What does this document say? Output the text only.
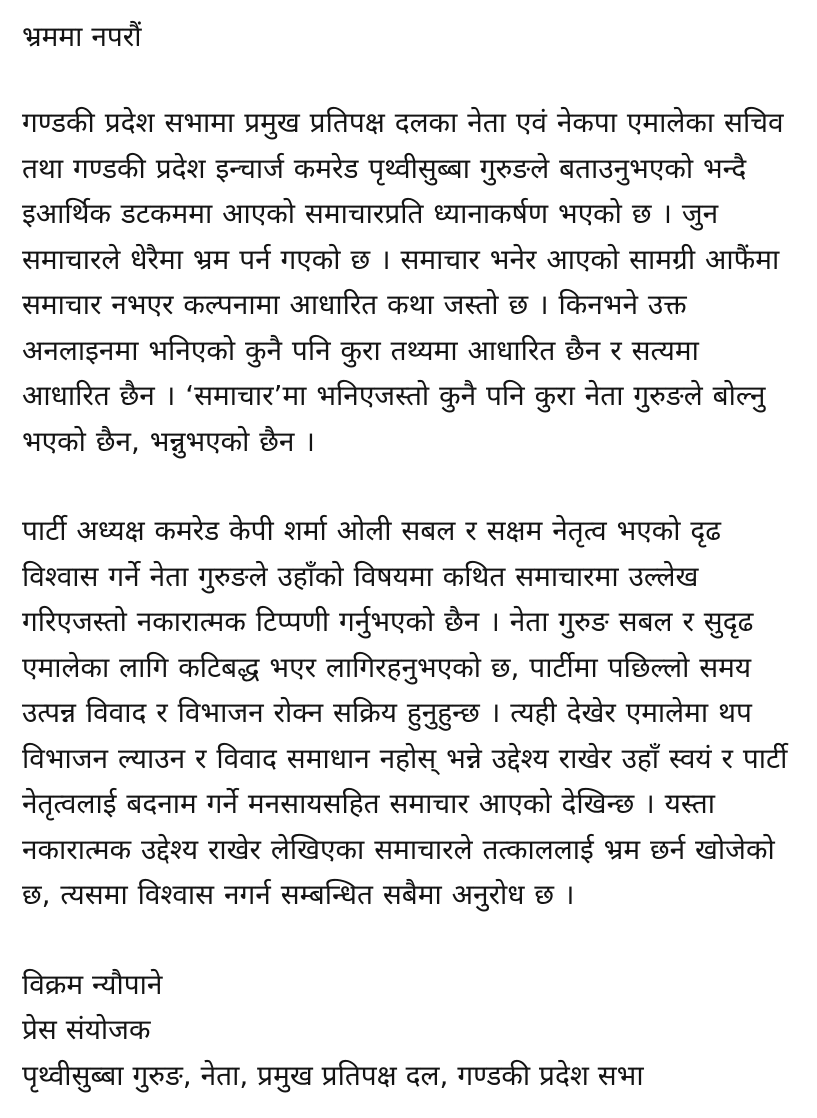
भ्रममा नपरौं

गण्डकी प्रदेश सभामा प्रमुख प्रतिपक्ष दलका नेता एवं नेकपा एमालेका सचिव तथा गण्डकी प्रदेश इन्चार्ज कमरेड पृथ्वीसुब्बा गुरुङले बताउनुभएको भन्दै इआर्थिक डटकममा आएको समाचारप्रति ध्यानाकर्षण भएको छ । जुन समाचारले धेरैमा भ्रम पर्न गएको छ । समाचार भनेर आएको सामग्री आफैंमा समाचार नभएर कल्पनामा आधारित कथा जस्तो छ । किनभने उक्त अनलाइनमा भनिएको कुनै पनि कुरा तथ्यमा आधारित छैन र सत्यमा आधारित छैन । ‘समाचार’मा भनिएजस्तो कुनै पनि कुरा नेता गुरुङले बोल्नु भएको छैन, भन्नुभएको छैन ।

पार्टी अध्यक्ष कमरेड केपी शर्मा ओली सबल र सक्षम नेतृत्व भएको दृढ विश्वास गर्ने नेता गुरुङले उहाँको विषयमा कथित समाचारमा उल्लेख गरिएजस्तो नकारात्मक टिप्पणी गर्नुभएको छैन । नेता गुरुङ सबल र सुदृढ एमालेका लागि कटिबद्ध भएर लागिरहनुभएको छ, पार्टीमा पछिल्लो समय उत्पन्न विवाद र विभाजन रोक्न सक्रिय हुनुहुन्छ । त्यही देखेर एमालेमा थप विभाजन ल्याउन र विवाद समाधान नहोस् भन्ने उद्देश्य राखेर उहाँ स्वयं र पार्टी नेतृत्वलाई बदनाम गर्ने मनसायसहित समाचार आएको देखिन्छ । यस्ता नकारात्मक उद्देश्य राखेर लेखिएका समाचारले तत्काललाई भ्रम छर्न खोजेको छ, त्यसमा विश्वास नगर्न सम्बन्धित सबैमा अनुरोध छ ।

विक्रम न्यौपाने
प्रेस संयोजक
पृथ्वीसुब्बा गुरुङ, नेता, प्रमुख प्रतिपक्ष दल, गण्डकी प्रदेश सभा
